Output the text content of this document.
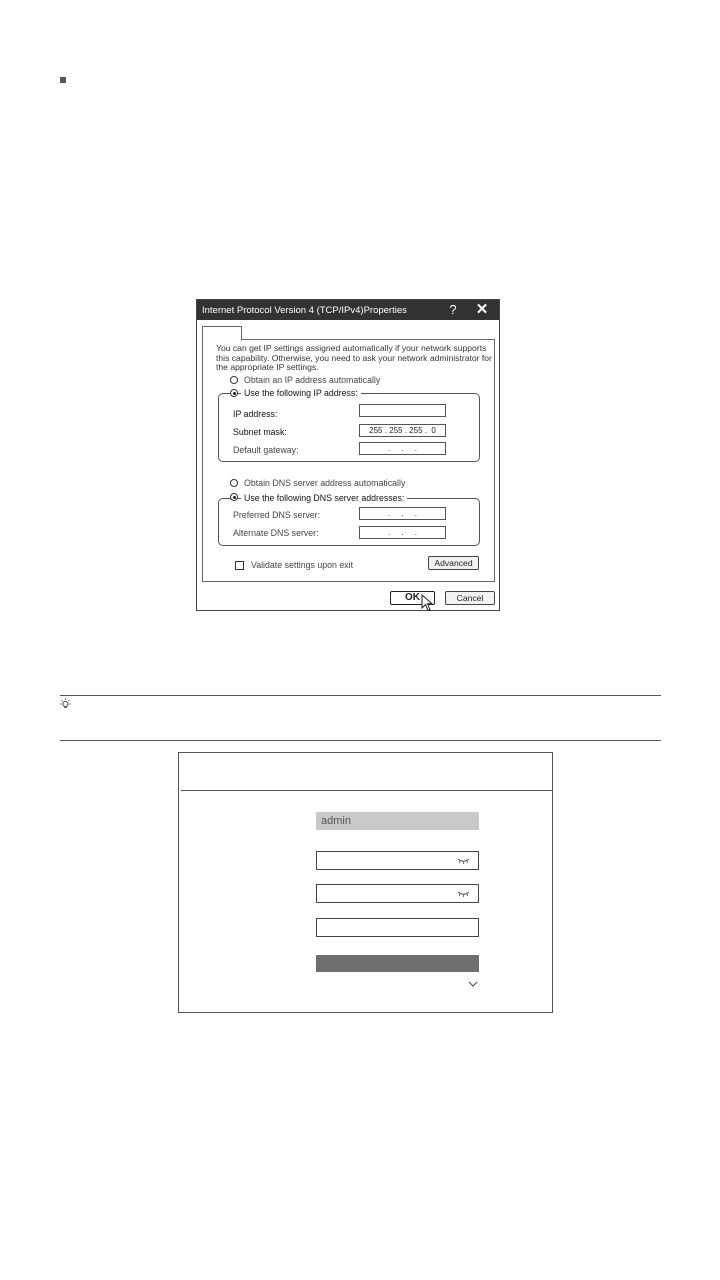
Internet Protocol Version 4 (TCP/IPv4)Properties	?	✕
You can get IP settings assigned automatically if your network supports this capability. Otherwise, you need to ask your network administrator for the appropriate IP settings.
Obtain an IP address automatically
Use the following IP address:
IP address:
Subnet mask:	255 . 255 . 255 .  0
Default gateway:	.     .     .
Obtain DNS server address automatically
Use the following DNS server addresses:
Preferred DNS server:	.     .     .
Alternate DNS server:	.     .     .
Validate settings upon exit	Advanced
OK	Cancel
admin
